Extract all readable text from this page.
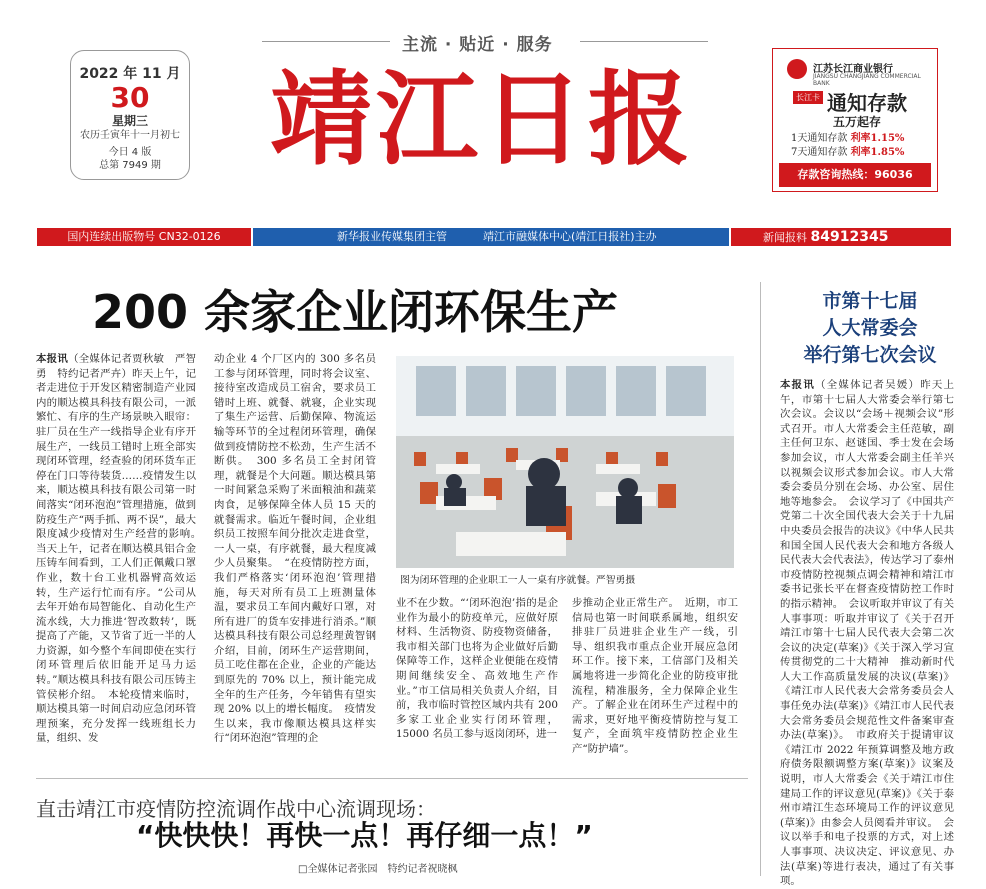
主流 · 贴近 · 服务
2022 年 11 月
30
星期三
农历壬寅年十一月初七
今日 4 版
总第 7949 期 靖江日报	江苏长江商业银行
JIANGSU CHANGJIANG COMMERCIAL BANK
长江卡 通知存款
五万起存
1天通知存款 利率1.15%
7天通知存款 利率1.85%
存款咨询热线：96036
国内连续出版物号 CN32-0126	新华报业传媒集团主管	靖江市融媒体中心(靖江日报社)主办	新闻报料 84912345
200 余家企业闭环保生产
本报讯（全媒体记者贾秋敏　严智勇　特约记者严卉）昨天上午，记者走进位于开发区精密制造产业园内的顺达模具科技有限公司，一派繁忙、有序的生产场景映入眼帘：驻厂员在生产一线指导企业有序开展生产，一线员工错时上班全部实现闭环管理，经查验的闭环货车正停在门口等待装货……疫情发生以来，顺达模具科技有限公司第一时间落实“闭环泡泡”管理措施，做到防疫生产“两手抓、两不误”，最大限度减少疫情对生产经营的影响。　当天上午，记者在顺达模具铝合金压铸车间看到，工人们正佩戴口罩作业，数十台工业机器臂高效运转，生产运行忙而有序。“公司从去年开始布局智能化、自动化生产流水线，大力推进‘智改数转’，既提高了产能，又节省了近一半的人力资源，如今整个车间即使在实行闭环管理后依旧能开足马力运转。”顺达模具科技有限公司压铸主管侯彬介绍。　本轮疫情来临时，顺达模具第一时间启动应急闭环管理预案，充分发挥一线班组长力量，组织、发
动企业 4 个厂区内的 300 多名员工参与闭环管理，同时将会议室、接待室改造成员工宿舍，要求员工错时上班、就餐、就寝，企业实现了集生产运营、后勤保障、物流运输等环节的全过程闭环管理，确保做到疫情防控不松劲，生产生活不断供。　300 多名员工全封闭管理，就餐是个大问题。顺达模具第一时间紧急采购了米面粮油和蔬菜肉食，足够保障全体人员 15 天的就餐需求。临近午餐时间，企业组织员工按照车间分批次走进食堂，一人一桌，有序就餐，最大程度减少人员聚集。　“在疫情防控方面，我们严格落实‘闭环泡泡’管理措施，每天对所有员工上班测量体温，要求员工车间内戴好口罩，对所有进厂的货车安排进行消杀。”顺达模具科技有限公司总经理黄智钢介绍，目前，闭环生产运营期间，员工吃住都在企业，企业的产能达到原先的 70% 以上，预计能完成全年的生产任务，今年销售有望实现 20% 以上的增长幅度。　疫情发生以来，我市像顺达模具这样实行“闭环泡泡”管理的企
图为闭环管理的企业职工一人一桌有序就餐。严智勇摄
业不在少数。“‘闭环泡泡’指的是企业作为最小的防疫单元，应做好原材料、生活物资、防疫物资储备，我市相关部门也将为企业做好后勤保障等工作，这样企业便能在疫情期间继续安全、高效地生产作业。”市工信局相关负责人介绍，目前，我市临时管控区域内共有 200 多家工业企业实行闭环管理，15000 名员工参与返岗闭环，进一
步推动企业正常生产。　近期，市工信局也第一时间联系属地，组织安排驻厂员进驻企业生产一线，引导、组织我市重点企业开展应急闭环工作。接下来，工信部门及相关属地将进一步简化企业的防疫审批流程，精准服务，全力保障企业生产。了解企业在闭环生产过程中的需求，更好地平衡疫情防控与复工复产，全面筑牢疫情防控企业生产“防护墙”。
市第十七届
人大常委会
举行第七次会议
本报讯（全媒体记者吴媛）昨天上午，市第十七届人大常委会举行第七次会议。会议以“会场＋视频会议”形式召开。市人大常委会主任范敏，副主任何卫东、赵谜国、季士发在会场参加会议，市人大常委会副主任羊兴以视频会议形式参加会议。市人大常委会委员分别在会场、办公室、居住地等地参会。　会议学习了《中国共产党第二十次全国代表大会关于十九届中央委员会报告的决议》《中华人民共和国全国人民代表大会和地方各级人民代表大会代表法》，传达学习了泰州市疫情防控视频点调会精神和靖江市委书记张长平在督查疫情防控工作时的指示精神。　会议听取并审议了有关人事事项：听取并审议了《关于召开靖江市第十七届人民代表大会第二次会议的决定(草案)》《关于深入学习宣传贯彻党的二十大精神　推动新时代人大工作高质量发展的决议(草案)》《靖江市人民代表大会常务委员会人事任免办法(草案)》《靖江市人民代表大会常务委员会规范性文件备案审查办法(草案)》。　市政府关于提请审议《靖江市 2022 年预算调整及地方政府债务限额调整方案(草案)》议案及说明，市人大常委会《关于靖江市住建局工作的评议意见(草案)》《关于泰州市靖江生态环境局工作的评议意见(草案)》由参会人员阅看并审议。　会议以举手和电子投票的方式，对上述人事事项、决议决定、评议意见、办法(草案)等进行表决，通过了有关事项。
直击靖江市疫情防控流调作战中心流调现场：
“快快快！再快一点！再仔细一点！”
□全媒体记者张园　特约记者祝晓枫
